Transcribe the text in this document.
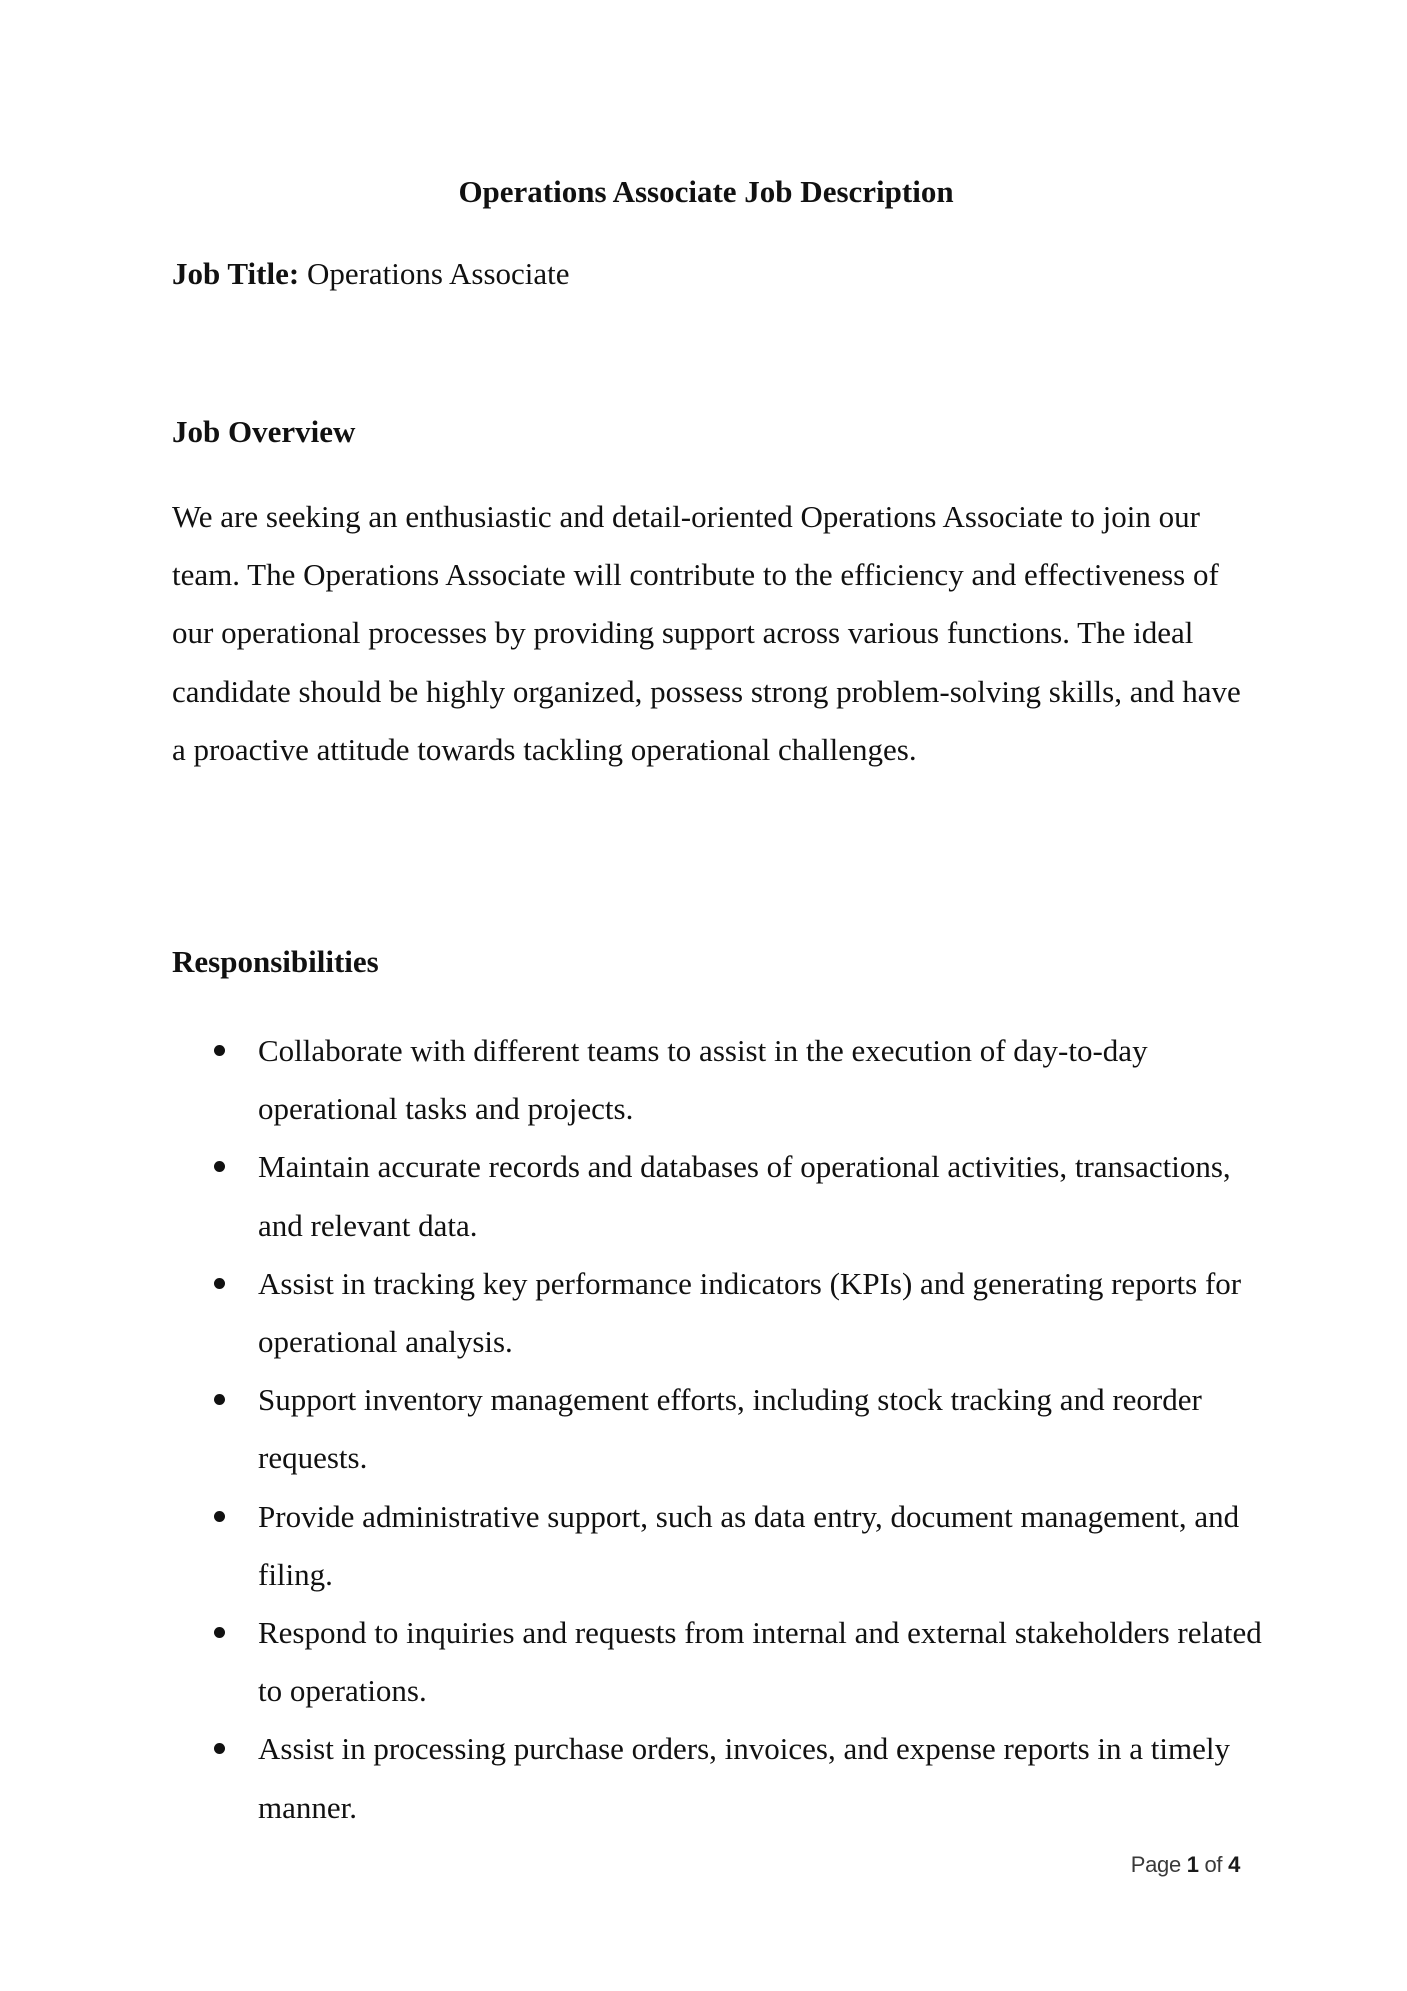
Operations Associate Job Description

Job Title: Operations Associate

Job Overview

We are seeking an enthusiastic and detail-oriented Operations Associate to join our team. The Operations Associate will contribute to the efficiency and effectiveness of our operational processes by providing support across various functions. The ideal candidate should be highly organized, possess strong problem-solving skills, and have a proactive attitude towards tackling operational challenges.

Responsibilities
Collaborate with different teams to assist in the execution of day-to-day operational tasks and projects.
Maintain accurate records and databases of operational activities, transactions, and relevant data.
Assist in tracking key performance indicators (KPIs) and generating reports for operational analysis.
Support inventory management efforts, including stock tracking and reorder requests.
Provide administrative support, such as data entry, document management, and filing.
Respond to inquiries and requests from internal and external stakeholders related to operations.
Assist in processing purchase orders, invoices, and expense reports in a timely manner.
Page 1 of 4
